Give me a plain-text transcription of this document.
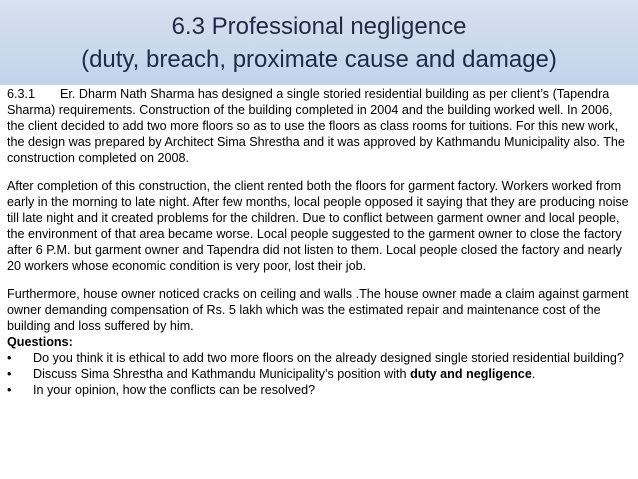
6.3 Professional negligence
(duty, breach, proximate cause and damage)

6.3.1 Er. Dharm Nath Sharma has designed a single storied residential building as per client’s (Tapendra Sharma) requirements. Construction of the building completed in 2004 and the building worked well. In 2006, the client decided to add two more floors so as to use the floors as class rooms for tuitions. For this new work, the design was prepared by Architect Sima Shrestha and it was approved by Kathmandu Municipality also. The construction completed on 2008.

After completion of this construction, the client rented both the floors for garment factory. Workers worked from early in the morning to late night. After few months, local people opposed it saying that they are producing noise till late night and it created problems for the children. Due to conflict between garment owner and local people, the environment of that area became worse. Local people suggested to the garment owner to close the factory after 6 P.M. but garment owner and Tapendra did not listen to them. Local people closed the factory and nearly 20 workers whose economic condition is very poor, lost their job.

Furthermore, house owner noticed cracks on ceiling and walls .The house owner made a claim against garment owner demanding compensation of Rs. 5 lakh which was the estimated repair and maintenance cost of the building and loss suffered by him.

Questions:

•	Do you think it is ethical to add two more floors on the already designed single storied residential building?
•	Discuss Sima Shrestha and Kathmandu Municipality’s position with duty and negligence.
•	In your opinion, how the conflicts can be resolved?
